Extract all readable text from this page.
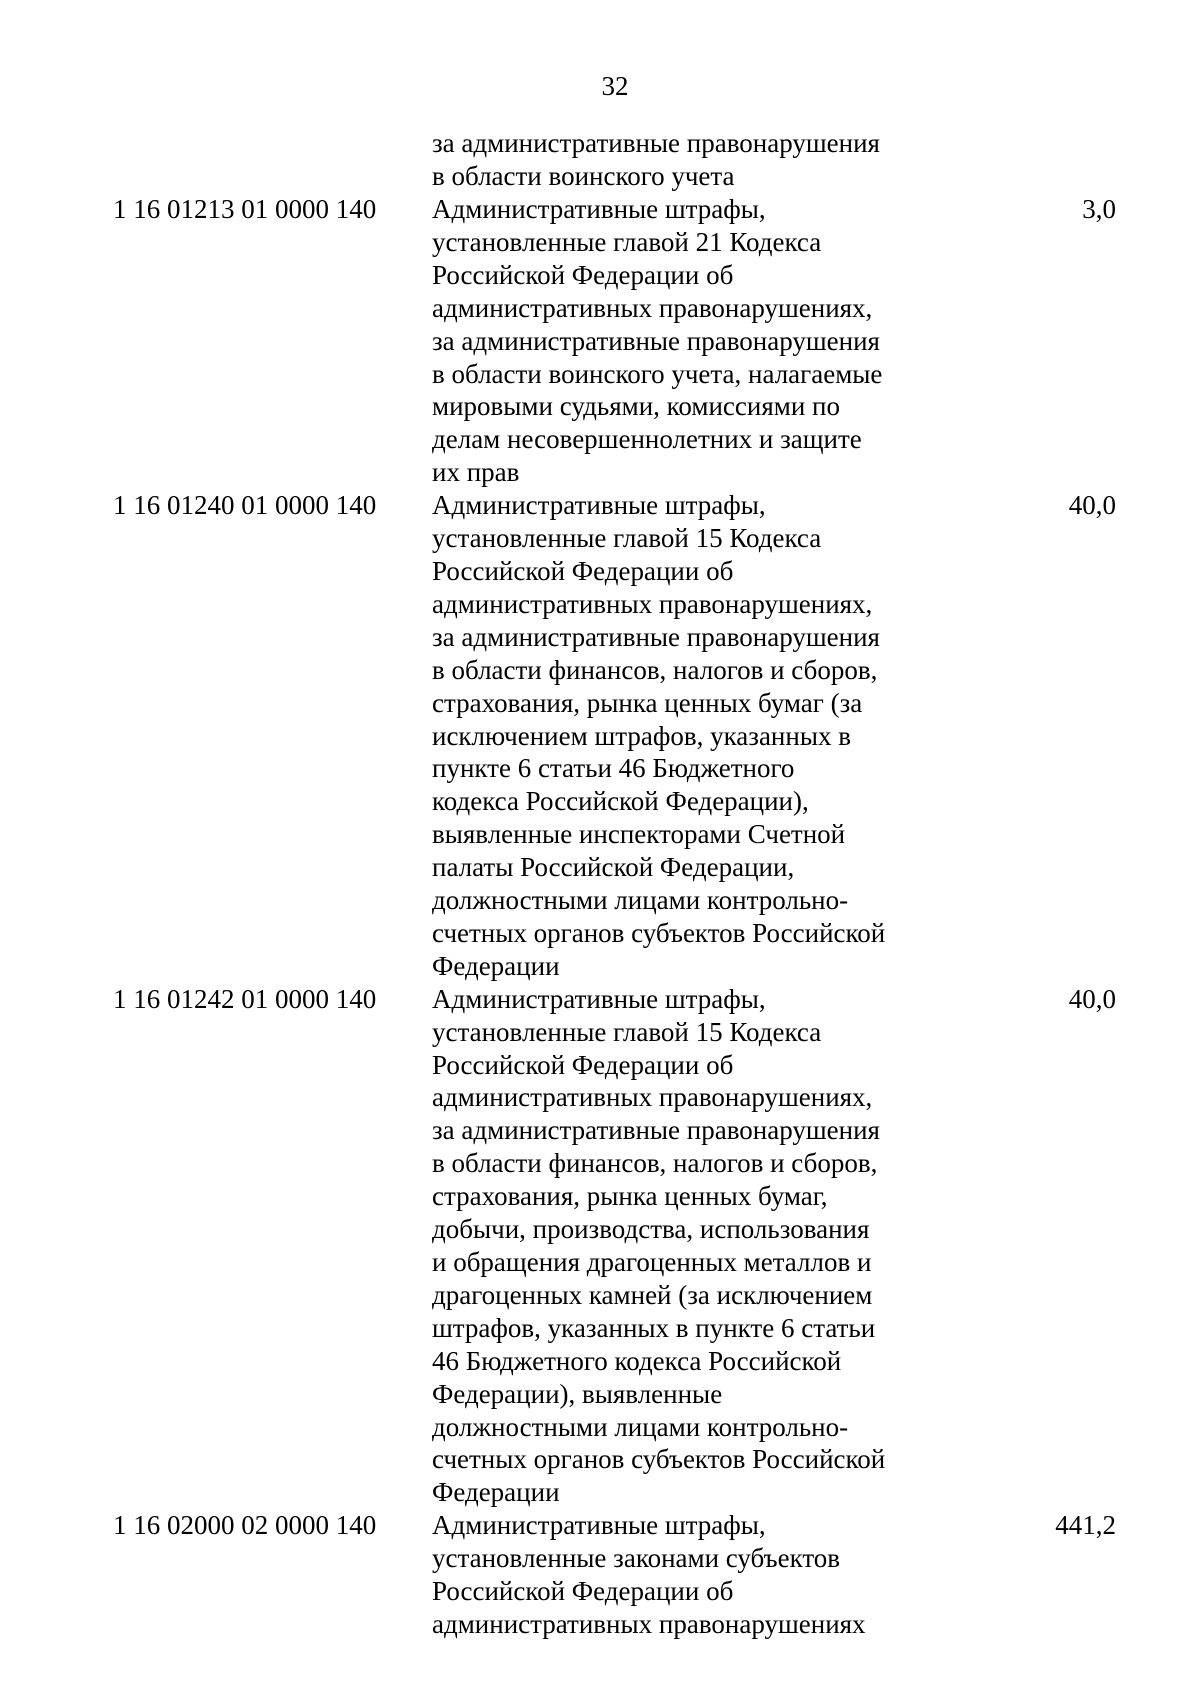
32
за административные правонарушения
в области воинского учета
1 16 01213 01 0000 140 Административные штрафы,
установленные главой 21 Кодекса
Российской Федерации об
административных правонарушениях,
за административные правонарушения
в области воинского учета, налагаемые
мировыми судьями, комиссиями по
делам несовершеннолетних и защите
их прав
3,0
1 16 01240 01 0000 140 Административные штрафы,
установленные главой 15 Кодекса
Российской Федерации об
административных правонарушениях,
за административные правонарушения
в области финансов, налогов и сборов,
страхования, рынка ценных бумаг (за
исключением штрафов, указанных в
пункте 6 статьи 46 Бюджетного
кодекса Российской Федерации),
выявленные инспекторами Счетной
палаты Российской Федерации,
должностными лицами контрольно-
счетных органов субъектов Российской
Федерации
40,0
1 16 01242 01 0000 140 Административные штрафы,
установленные главой 15 Кодекса
Российской Федерации об
административных правонарушениях,
за административные правонарушения
в области финансов, налогов и сборов,
страхования, рынка ценных бумаг,
добычи, производства, использования
и обращения драгоценных металлов и
драгоценных камней (за исключением
штрафов, указанных в пункте 6 статьи
46 Бюджетного кодекса Российской
Федерации), выявленные
должностными лицами контрольно-
счетных органов субъектов Российской
Федерации
40,0
1 16 02000 02 0000 140 Административные штрафы,
установленные законами субъектов
Российской Федерации об
административных правонарушениях
441,2
